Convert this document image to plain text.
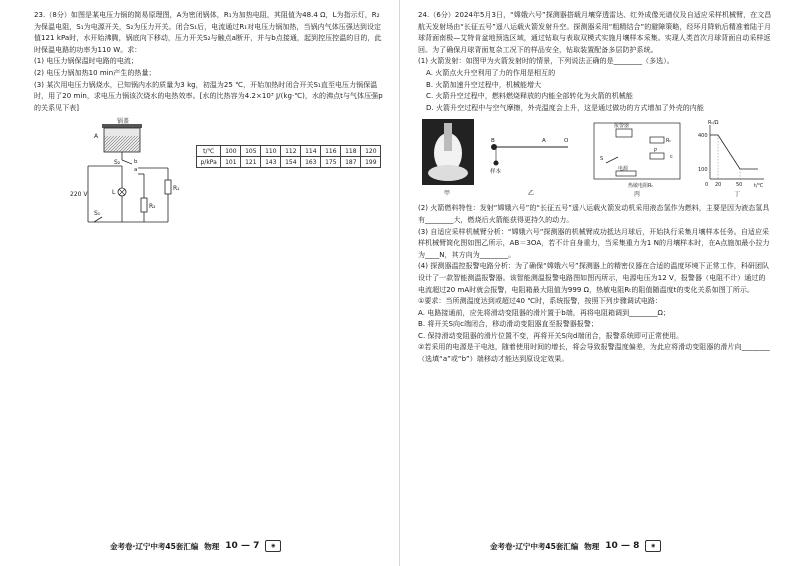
23.（8分）如图是某电压力锅的简易原理图，A为密闭锅体，R₁为加热电阻，其阻值为48.4 Ω，L为指示灯，R₂为保温电阻，S₁为电源开关，S₂为压力开关。闭合S₁后，电流通过R₁对电压力锅加热，当锅内气体压强达到设定值121 kPa时，水开始沸腾，锅底向下移动，压力开关S₂与触点a断开，并与b点接通，起到控压控温的目的，此时保温电路的功率为110 W。求：

(1) 电压力锅保温时电路的电流；

(2) 电压力锅加热10 min产生的热量；

(3) 某次用电压力锅烧水，已知锅内水的质量为3 kg，初温为25 ℃，开始加热时闭合开关S₁直至电压力锅保温时，用了20 min，求电压力锅该次烧水的电热效率。[水的比热容为4.2×10³ J/(kg·℃)，水的沸点t与气体压强p的关系见下表]

锅盖
A
S₂	b
a
220 V
S₁
L
R₁
R₂
t/℃	100	105	110	112	114	116	118	120
p/kPa	101	121	143	154	163	175	187	199
金考卷·辽宁中考45套汇编 物理 10 — 7	◉

24.（6分）2024年5月3日，“嫦娥六号”探测器搭载月壤穿透雷达、红外成像光谱仪及自适应采样机械臂，在文昌航天发射场由“长征五号”遥八运载火箭发射升空。探测器采用“粗精结合”的避障策略，经环月降轨后精准着陆于月球背面南极—艾特肯盆地预选区域，通过钻取与表取双模式实施月壤样本采集。实现人类首次月球背面自动采样返回。为了确保月球背面复杂工况下的样品安全，钻取装置配备多层防护系统。

(1) 火箭发射：如图甲为火箭发射时的情景，下列说法正确的是________（多选）。

A. 火箭点火升空利用了力的作用是相互的

B. 火箭加速升空过程中，机械能增大

C. 火箭升空过程中，燃料燃烧释放的内能全部转化为火箭的机械能

D. 火箭升空过程中与空气摩擦，外壳温度会上升，这是通过做功的方式增加了外壳的内能

甲
样本
B	A	O
乙
报警器
Rₜ
P
c
S
电源
热敏电阻Rₜ
丙
Rₜ/Ω
t/℃
400
100
0 20	50
丁

(2) 火箭燃料特性：发射“嫦娥六号”的“长征五号”遥八运载火箭发动机采用液态氢作为燃料，主要是因为液态氢具有________大，燃烧后火箭能获得更持久的动力。

(3) 自适应采样机械臂分析：“嫦娥六号”探测器的机械臂成功抵达月球后，开始执行采集月壤样本任务。自适应采样机械臂简化图如图乙所示，AB＝3OA，若不计自身重力，当采集重力为1 N的月壤样本时，在A点施加最小拉力为____N，其方向为________。

(4) 探测器温控报警电路分析：为了确保“嫦娥六号”探测器上的精密仪器在合适的温度环境下正常工作，科研团队设计了一款智能测温报警器。该智能测温报警电路图如图丙所示，电源电压为12 V，报警器（电阻不计）通过的电流超过20 mA时就会报警，电阻箱最大阻值为999 Ω，热敏电阻Rₜ的阻值随温度t的变化关系如图丁所示。

①要求：当所测温度达到或超过40 ℃时，系统报警，按照下列步骤调试电路：

A. 电路接通前，应先将滑动变阻器的滑片置于b端，再将电阻箱调到________Ω；

B. 将开关S向c端闭合，移动滑动变阻器直至报警器报警；

C. 保持滑动变阻器的滑片位置不变，再将开关S向d端闭合，报警系统即可正常使用。

②若采用的电源是干电池，随着使用时间的增长，将会导致报警温度偏差，为此应将滑动变阻器的滑片向________（选填“a”或“b”）端移动才能达到原设定效果。

金考卷·辽宁中考45套汇编 物理 10 — 8	◉
